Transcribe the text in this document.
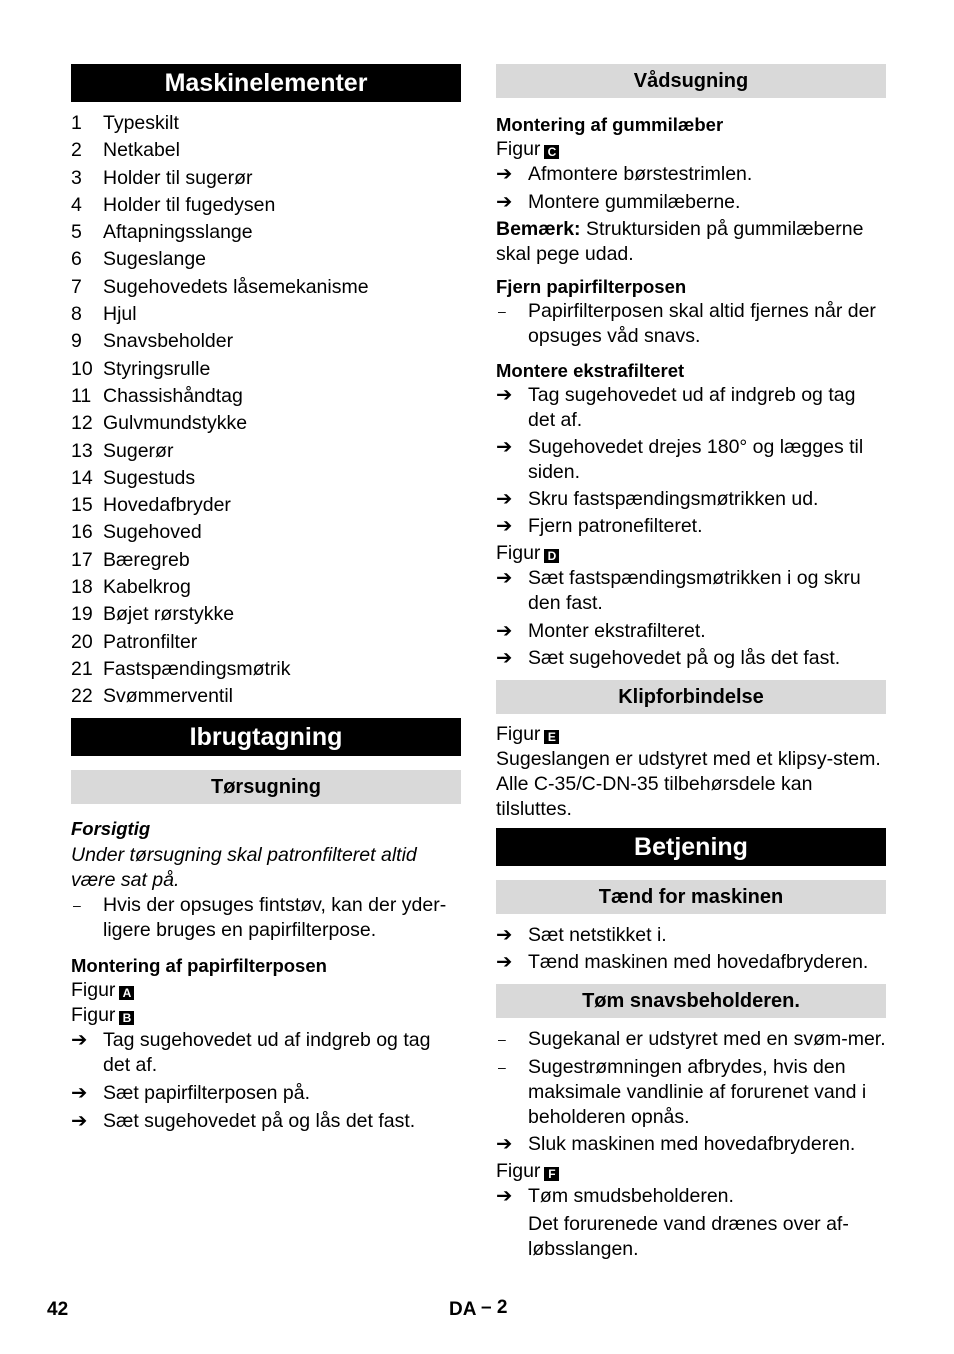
Maskinelementer
1	Typeskilt
2	Netkabel
3	Holder til sugerør
4	Holder til fugedysen
5	Aftapningsslange
6	Sugeslange
7	Sugehovedets låsemekanisme
8	Hjul
9	Snavsbeholder
10 Styringsrulle
11 Chassishåndtag
12 Gulvmundstykke
13 Sugerør
14 Sugestuds
15 Hovedafbryder
16 Sugehoved
17 Bæregreb
18 Kabelkrog
19 Bøjet rørstykke
20 Patronfilter
21 Fastspændingsmøtrik
22 Svømmerventil
Ibrugtagning
Tørsugning
Forsigtig
Under tørsugning skal patronfilteret altid være sat på.
–	Hvis der opsuges fintstøv, kan der yder-ligere bruges en papirfilterpose.
Montering af papirfilterposen
Figur A
Figur B
➔ Tag sugehovedet ud af indgreb og tag det af.
➔ Sæt papirfilterposen på.
➔ Sæt sugehovedet på og lås det fast.
Vådsugning
Montering af gummilæber
Figur C
➔ Afmontere børstestrimlen.
➔ Montere gummilæberne.
Bemærk: Struktursiden på gummilæberne skal pege udad.
Fjern papirfilterposen
–	Papirfilterposen skal altid fjernes når der opsuges våd snavs.
Montere ekstrafilteret
➔ Tag sugehovedet ud af indgreb og tag det af.
➔ Sugehovedet drejes 180° og lægges til siden.
➔ Skru fastspændingsmøtrikken ud.
➔ Fjern patronefilteret.
Figur D
➔ Sæt fastspændingsmøtrikken i og skru den fast.
➔ Monter ekstrafilteret.
➔ Sæt sugehovedet på og lås det fast.
Klipforbindelse
Figur E
Sugeslangen er udstyret med et klipsy-stem. Alle C-35/C-DN-35 tilbehørsdele kan tilsluttes.
Betjening
Tænd for maskinen
➔ Sæt netstikket i.
➔ Tænd maskinen med hovedafbryderen.
Tøm snavsbeholderen.
–	Sugekanal er udstyret med en svøm-mer.
–	Sugestrømningen afbrydes, hvis den maksimale vandlinie af forurenet vand i beholderen opnås.
➔ Sluk maskinen med hovedafbryderen.
Figur F
➔ Tøm smudsbeholderen.
Det forurenede vand drænes over af-løbsslangen.
42	DA – 2
